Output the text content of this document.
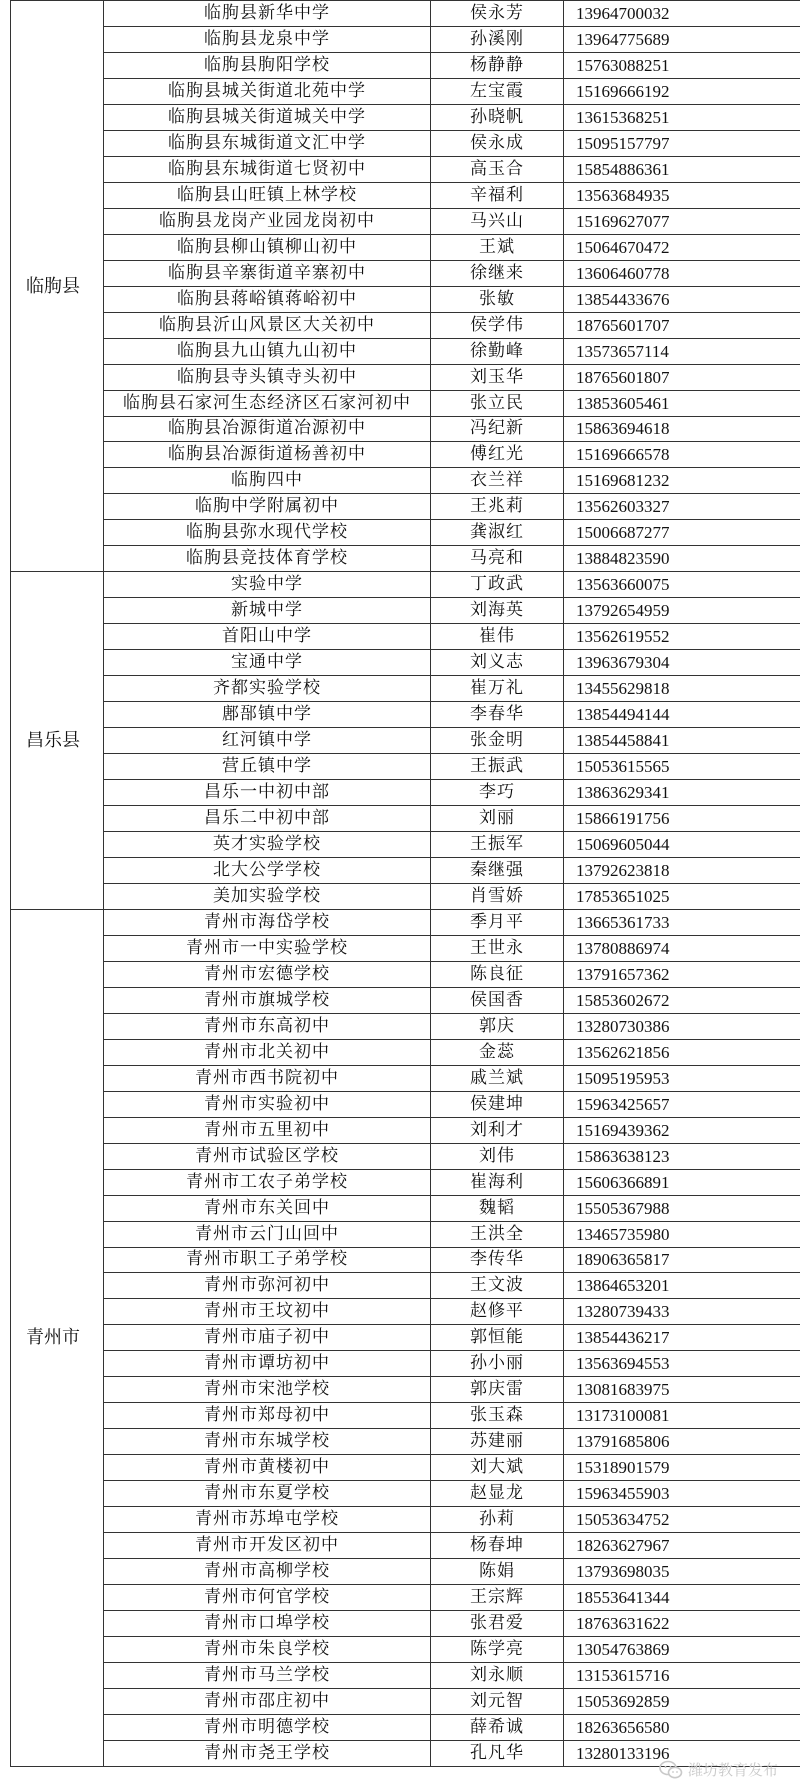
临朐县	临朐县新华中学	侯永芳	13964700032
	临朐县龙泉中学	孙溪刚	13964775689
	临朐县朐阳学校	杨静静	15763088251
	临朐县城关街道北苑中学	左宝霞	15169666192
	临朐县城关街道城关中学	孙晓帆	13615368251
	临朐县东城街道文汇中学	侯永成	15095157797
	临朐县东城街道七贤初中	高玉合	15854886361
	临朐县山旺镇上林学校	辛福利	13563684935
	临朐县龙岗产业园龙岗初中	马兴山	15169627077
	临朐县柳山镇柳山初中	王斌	15064670472
	临朐县辛寨街道辛寨初中	徐继来	13606460778
	临朐县蒋峪镇蒋峪初中	张敏	13854433676
	临朐县沂山风景区大关初中	侯学伟	18765601707
	临朐县九山镇九山初中	徐勤峰	13573657114
	临朐县寺头镇寺头初中	刘玉华	18765601807
	临朐县石家河生态经济区石家河初中	张立民	13853605461
	临朐县冶源街道冶源初中	冯纪新	15863694618
	临朐县冶源街道杨善初中	傅红光	15169666578
	临朐四中	衣兰祥	15169681232
	临朐中学附属初中	王兆莉	13562603327
	临朐县弥水现代学校	龚淑红	15006687277
	临朐县竞技体育学校	马亮和	13884823590
昌乐县	实验中学	丁政武	13563660075
	新城中学	刘海英	13792654959
	首阳山中学	崔伟	13562619552
	宝通中学	刘义志	13963679304
	齐都实验学校	崔万礼	13455629818
	鄌郚镇中学	李春华	13854494144
	红河镇中学	张金明	13854458841
	营丘镇中学	王振武	15053615565
	昌乐一中初中部	李巧	13863629341
	昌乐二中初中部	刘丽	15866191756
	英才实验学校	王振军	15069605044
	北大公学学校	秦继强	13792623818
	美加实验学校	肖雪娇	17853651025
青州市	青州市海岱学校	季月平	13665361733
	青州市一中实验学校	王世永	13780886974
	青州市宏德学校	陈良征	13791657362
	青州市旗城学校	侯国香	15853602672
	青州市东高初中	郭庆	13280730386
	青州市北关初中	金蕊	13562621856
	青州市西书院初中	戚兰斌	15095195953
	青州市实验初中	侯建坤	15963425657
	青州市五里初中	刘利才	15169439362
	青州市试验区学校	刘伟	15863638123
	青州市工农子弟学校	崔海利	15606366891
	青州市东关回中	魏韬	15505367988
	青州市云门山回中	王洪全	13465735980
	青州市职工子弟学校	李传华	18906365817
	青州市弥河初中	王文波	13864653201
	青州市王坟初中	赵修平	13280739433
	青州市庙子初中	郭恒能	13854436217
	青州市谭坊初中	孙小丽	13563694553
	青州市宋池学校	郭庆雷	13081683975
	青州市郑母初中	张玉森	13173100081
	青州市东城学校	苏建丽	13791685806
	青州市黄楼初中	刘大斌	15318901579
	青州市东夏学校	赵显龙	15963455903
	青州市苏埠屯学校	孙莉	15053634752
	青州市开发区初中	杨春坤	18263627967
	青州市高柳学校	陈娟	13793698035
	青州市何官学校	王宗辉	18553641344
	青州市口埠学校	张君爱	18763631622
	青州市朱良学校	陈学亮	13054763869
	青州市马兰学校	刘永顺	13153615716
	青州市邵庄初中	刘元智	15053692859
	青州市明德学校	薛希诚	18263656580
	青州市尧王学校	孔凡华	13280133196
潍坊教育发布
